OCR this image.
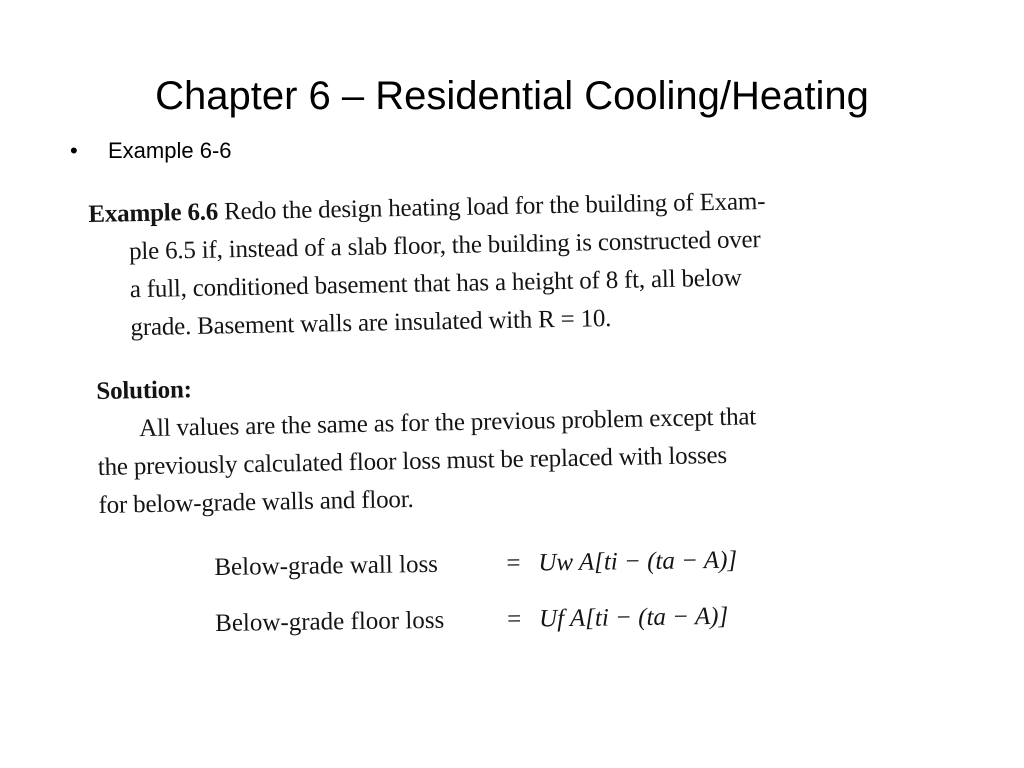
Chapter 6 – Residential Cooling/Heating
• Example 6-6
Example 6.6 Redo the design heating load for the building of Exam-
ple 6.5 if, instead of a slab floor, the building is constructed over
a full, conditioned basement that has a height of 8 ft, all below
grade. Basement walls are insulated with R = 10.
Solution:
All values are the same as for the previous problem except that
the previously calculated floor loss must be replaced with losses
for below-grade walls and floor.
Below-grade wall loss	= Uw A[ti − (ta − A)]
Below-grade floor loss = Uf A[ti − (ta − A)]
